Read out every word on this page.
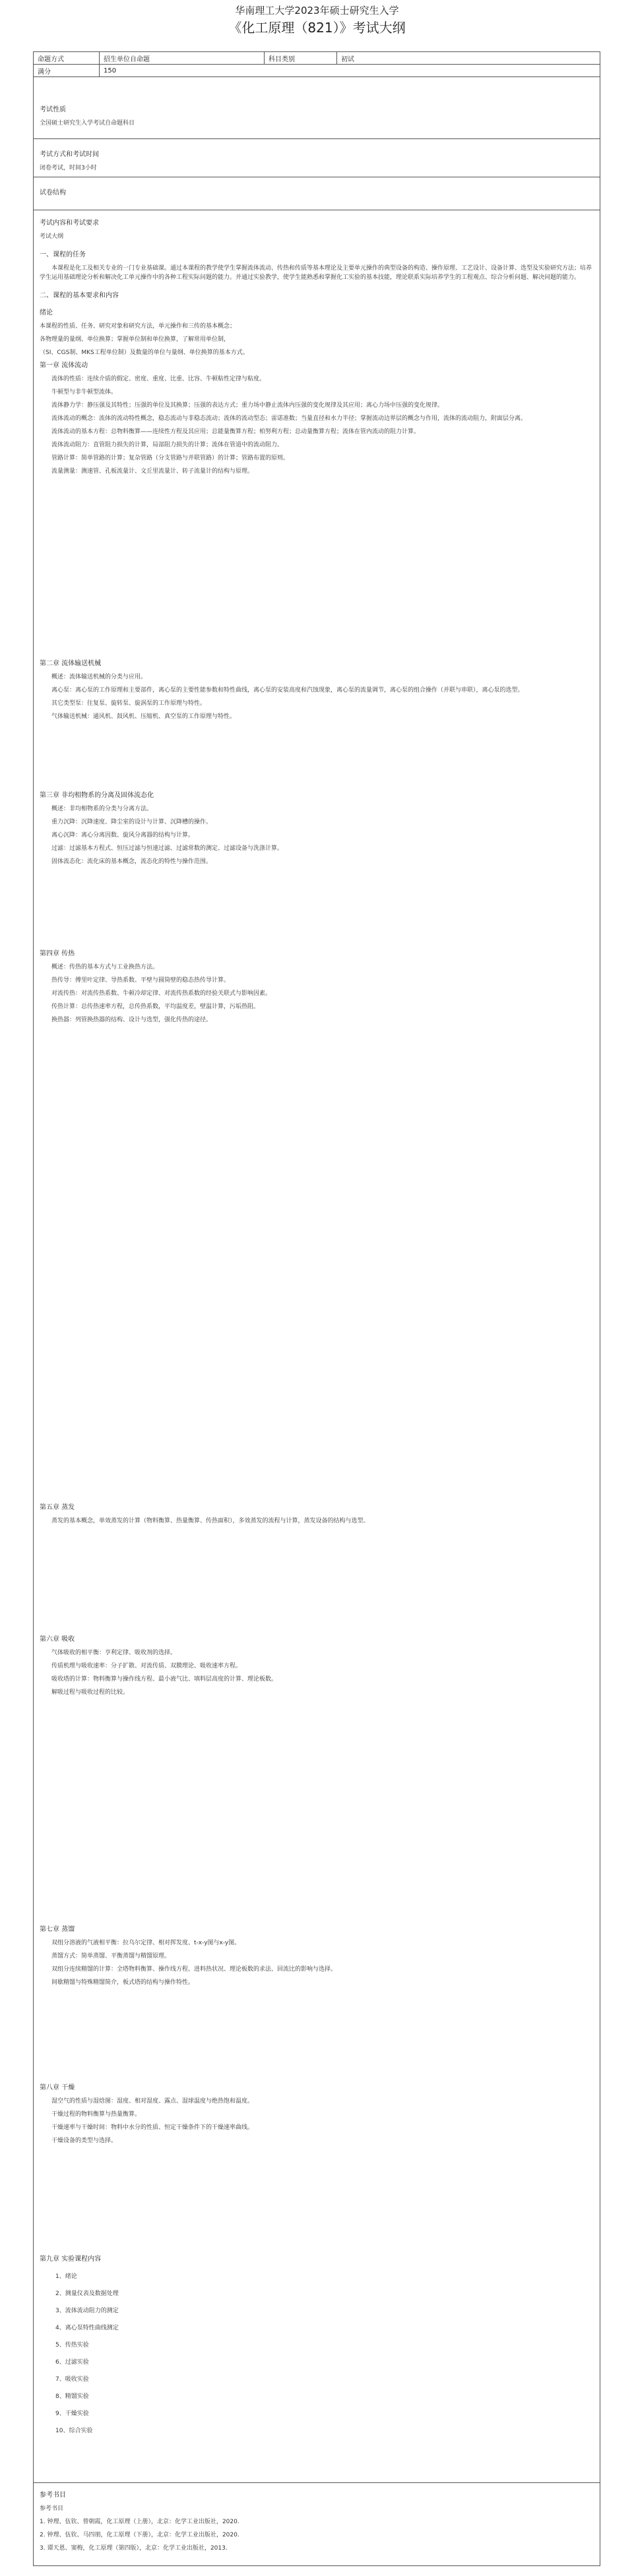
华南理工大学2023年硕士研究生入学
《化工原理（821）》考试大纲
命题方式	招生单位自命题	科目类别	初试
满分	150		

考试性质

全国硕士研究生入学考试自命题科目

考试方式和考试时间

闭卷考试，时间3小时

试卷结构

考试内容和考试要求

考试大纲

一、课程的任务

本课程是化工及相关专业的一门专业基础课。通过本课程的教学使学生掌握流体流动、传热和传质等基本理论及主要单元操作的典型设备的构造、操作原理、工艺设计、设备计算、选型及实验研究方法；培养学生运用基础理论分析和解决化工单元操作中的各种工程实际问题的能力。并通过实验教学，使学生能熟悉和掌握化工实验的基本技能，理论联系实际培养学生的工程观点、综合分析问题、解决问题的能力。

二、课程的基本要求和内容

绪论

本课程的性质、任务、研究对象和研究方法，单元操作和三传的基本概念；

各物理量的量纲、单位换算；掌握单位制和单位换算，了解常用单位制，

（SI、CGS制、MKS工程单位制）及数量的单位与量纲、单位换算的基本方式。

第一章 流体流动

流体的性质：连续介质的假定、密度、重度、比重、比容、牛顿粘性定律与粘度。

牛顿型与非牛顿型流体。

流体静力学：静压强及其特性；压强的单位及其换算；压强的表达方式；重力场中静止流体内压强的变化规律及其应用；离心力场中压强的变化规律。

流体流动的概念：流体的流动特性概念，稳态流动与非稳态流动；流体的流动型态；雷诺准数；当量直径和水力半径；掌握流动边界层的概念与作用，流体的流动阻力，附面层分离。

流体流动的基本方程：总物料衡算——连续性方程及其应用；总能量衡算方程；柏努利方程；总动量衡算方程；流体在管内流动的阻力计算。

流体流动阻力：直管阻力损失的计算，局部阻力损失的计算；流体在管道中的流动阻力。

管路计算：简单管路的计算；复杂管路（分支管路与并联管路）的计算；管路布置的原则。

流量测量：测速管、孔板流量计、文丘里流量计、转子流量计的结构与原理。

第二章 流体输送机械

概述：流体输送机械的分类与应用。

离心泵：离心泵的工作原理和主要部件，离心泵的主要性能参数和特性曲线，离心泵的安装高度和汽蚀现象，离心泵的流量调节，离心泵的组合操作（并联与串联），离心泵的选型。

其它类型泵：往复泵、旋转泵、旋涡泵的工作原理与特性。

气体输送机械：通风机、鼓风机、压缩机、真空泵的工作原理与特性。

第三章 非均相物系的分离及固体流态化

概述：非均相物系的分类与分离方法。

重力沉降：沉降速度、降尘室的设计与计算、沉降槽的操作。

离心沉降：离心分离因数、旋风分离器的结构与计算。

过滤：过滤基本方程式、恒压过滤与恒速过滤、过滤常数的测定、过滤设备与洗涤计算。

固体流态化：流化床的基本概念，流态化的特性与操作范围。

第四章 传热

概述：传热的基本方式与工业换热方法。

热传导：傅里叶定律、导热系数、平壁与圆筒壁的稳态热传导计算。

对流传热：对流传热系数、牛顿冷却定律、对流传热系数的经验关联式与影响因素。

传热计算：总传热速率方程，总传热系数，平均温度差，壁温计算，污垢热阻。

换热器：列管换热器的结构、设计与选型，强化传热的途径。

第五章 蒸发

蒸发的基本概念，单效蒸发的计算（物料衡算、热量衡算、传热面积），多效蒸发的流程与计算，蒸发设备的结构与选型。

第六章 吸收

气体吸收的相平衡：亨利定律、吸收剂的选择。

传质机理与吸收速率：分子扩散、对流传质、双膜理论、吸收速率方程。

吸收塔的计算：物料衡算与操作线方程、最小液气比、填料层高度的计算、理论板数。

解吸过程与吸收过程的比较。

第七章 蒸馏

双组分溶液的气液相平衡：拉乌尔定律、相对挥发度、t-x-y图与x-y图。

蒸馏方式：简单蒸馏、平衡蒸馏与精馏原理。

双组分连续精馏的计算：全塔物料衡算、操作线方程、进料热状况、理论板数的求法、回流比的影响与选择。

间歇精馏与特殊精馏简介，板式塔的结构与操作特性。

第八章 干燥

湿空气的性质与湿焓图：湿度、相对湿度、露点、湿球温度与绝热饱和温度。

干燥过程的物料衡算与热量衡算。

干燥速率与干燥时间：物料中水分的性质、恒定干燥条件下的干燥速率曲线。

干燥设备的类型与选择。

第九章 实验课程内容

1、绪论
2、测量仪表及数据处理
3、流体流动阻力的测定
4、离心泵特性曲线测定
5、传热实验
6、过滤实验
7、吸收实验
8、精馏实验
9、干燥实验
10、综合实验

参考书目

参考书目

1. 钟理、伍钦、曾朝霞，化工原理（上册），北京：化学工业出版社，2020.

2. 钟理、伍钦、马四朋，化工原理（下册），北京：化学工业出版社，2020.

3. 谭天恩、窦梅，化工原理（第四版），北京：化学工业出版社，2013.
